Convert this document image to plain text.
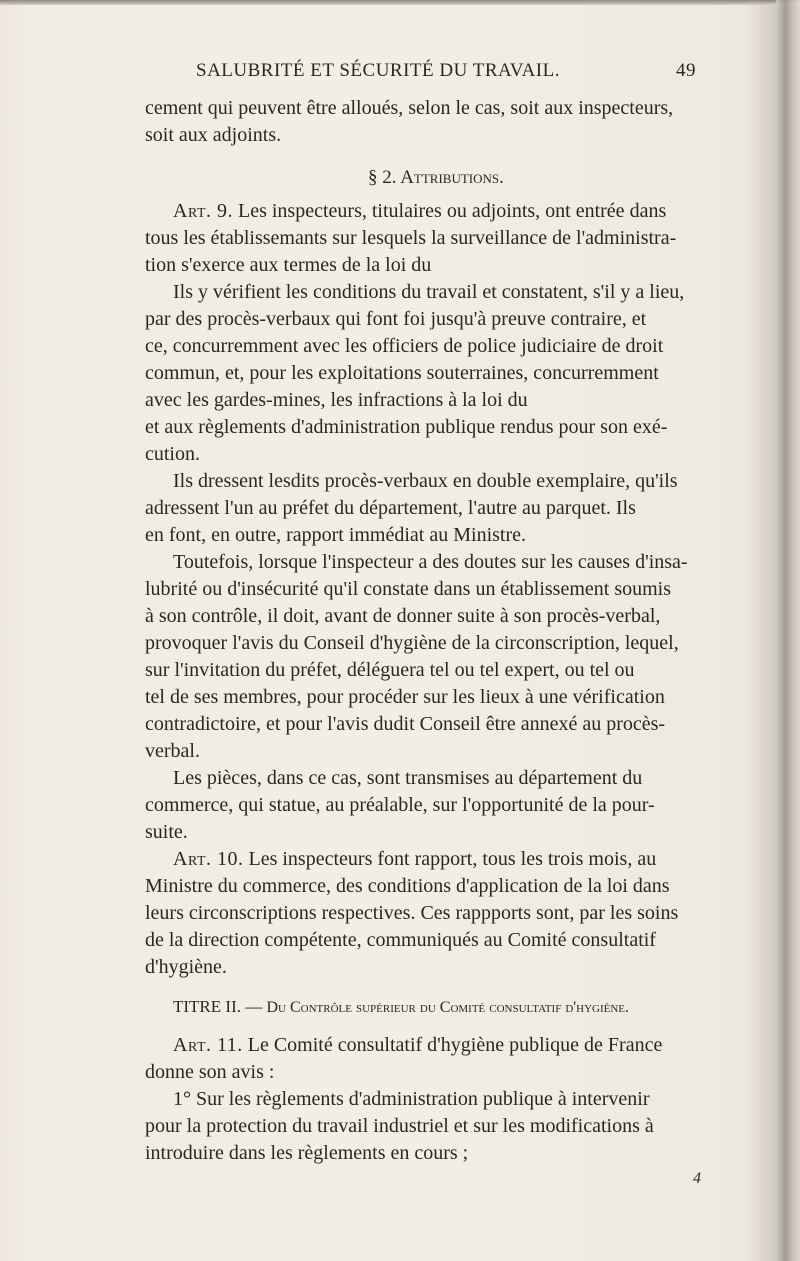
SALUBRITÉ ET SÉCURITÉ DU TRAVAIL.	49
cement qui peuvent être alloués, selon le cas, soit aux inspecteurs,
soit aux adjoints.
§ 2. Attributions.
Art. 9. Les inspecteurs, titulaires ou adjoints, ont entrée dans
tous les établissemants sur lesquels la surveillance de l'administra-
tion s'exerce aux termes de la loi du
Ils y vérifient les conditions du travail et constatent, s'il y a lieu,
par des procès-verbaux qui font foi jusqu'à preuve contraire, et
ce, concurremment avec les officiers de police judiciaire de droit
commun, et, pour les exploitations souterraines, concurremment
avec les gardes-mines, les infractions à la loi du
et aux règlements d'administration publique rendus pour son exé-
cution.
Ils dressent lesdits procès-verbaux en double exemplaire, qu'ils
adressent l'un au préfet du département, l'autre au parquet. Ils
en font, en outre, rapport immédiat au Ministre.
Toutefois, lorsque l'inspecteur a des doutes sur les causes d'insa-
lubrité ou d'insécurité qu'il constate dans un établissement soumis
à son contrôle, il doit, avant de donner suite à son procès-verbal,
provoquer l'avis du Conseil d'hygiène de la circonscription, lequel,
sur l'invitation du préfet, déléguera tel ou tel expert, ou tel ou
tel de ses membres, pour procéder sur les lieux à une vérification
contradictoire, et pour l'avis dudit Conseil être annexé au procès-
verbal.
Les pièces, dans ce cas, sont transmises au département du
commerce, qui statue, au préalable, sur l'opportunité de la pour-
suite.
Art. 10. Les inspecteurs font rapport, tous les trois mois, au
Ministre du commerce, des conditions d'application de la loi dans
leurs circonscriptions respectives. Ces rappports sont, par les soins
de la direction compétente, communiqués au Comité consultatif
d'hygiène.
TITRE II. — Du Contrôle supérieur du Comité consultatif d'hygiène.
Art. 11. Le Comité consultatif d'hygiène publique de France
donne son avis :
1° Sur les règlements d'administration publique à intervenir
pour la protection du travail industriel et sur les modifications à
introduire dans les règlements en cours ;
4
